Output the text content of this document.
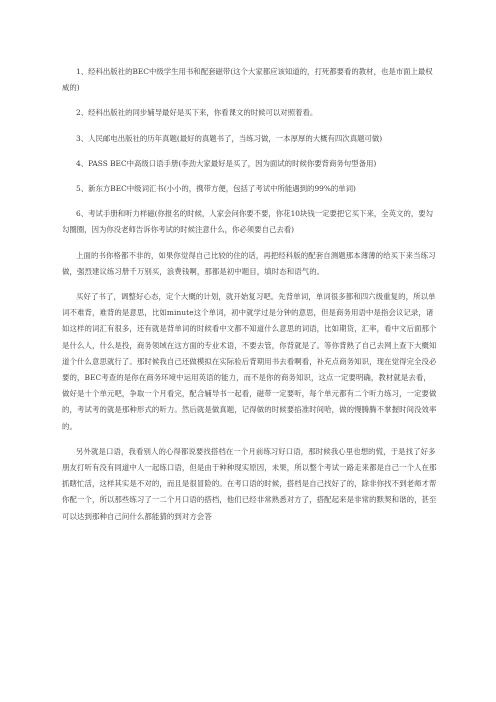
1、经科出版社的BEC中级学生用书和配套磁带(这个大家都应该知道的，打死都要看的教材，也是市面上最权威的)

2、经科出版社的同步辅导最好是买下来，你看课文的时候可以对照着看。

3、人民邮电出版社的历年真题(最好的真题书了，当练习做，一本厚厚的大概有四次真题可做)

4、PASS BEC中高级口语手册(李劲大家最好是买了，因为面试的时候你要背商务句型备用)

5、新东方BEC中级词汇书(小小的，携带方便，包括了考试中所能遇到的99%的单词)

6、考试手册和听力样磁(你报名的时候，人家会问你要不要，你花10块钱一定要把它买下来，全英文的，要勾勾圈圈，因为你没老师告诉你考试的时候注意什么，你必须要自己去看)

上面的书你格都不非的，如果你觉得自己比较的住的话，再把经科版的配套自测题那本薄薄的给买下来当练习做，强烈建议练习册千万别买，浪费钱啊，那都是初中题目，填时态和语气的。

买好了书了，调整好心态，定个大概的计划，就开始复习吧。先背单词，单词很多都和四六级重复的，所以单词不难背，难背的是意思，比如minute这个单词，初中就学过是分钟的意思，但是商务用语中是指会议记录，诸如这样的词汇有很多，还有就是背单词的时候看中文都不知道什么意思的词语，比如期货，汇率，看中文后面那个是什么人，什么是投，商务领域在这方面的专业术语，不要去管，你背就是了。等你背熟了自己去网上查下大概知道个什么意思就行了。那时候我自己还做模拟在实际验后背期用书去看啊看，补充点商务知识，现在觉得完全没必要的，BEC考查的是你在商务环境中运用英语的能力，而不是你的商务知识，这点一定要明确，教材就是去看，做好是十个单元吧，争取一个月看完，配合辅导书一起看，磁带一定要听，每个单元都有二个听力练习，一定要做的，考试考的就是那种形式的听力。然后就是做真题，记得做的时候要掐准时间哈，做的慢腾腾不掌握时间没效率的。

另外就是口语，我看别人的心得都说要找搭档在一个月前练习好口语，那时候我心里也想的慌，于是找了好多朋友打听有没有同道中人一起练口语，但是由于种种现实原因，未果，所以整个考试一路走来都是自己一个人在那抓瞎忙活，这样其实是不对的，而且是很冒险的。在考口语的时候，搭档是自己找好了的，除非你找不到老师才帮你配一个，所以那些练习了一二个月口语的搭档，他们已经非常熟悉对方了，搭配起来是非常的默契和谐的，甚至可以达到那种自己问什么都能猜的到对方会答
